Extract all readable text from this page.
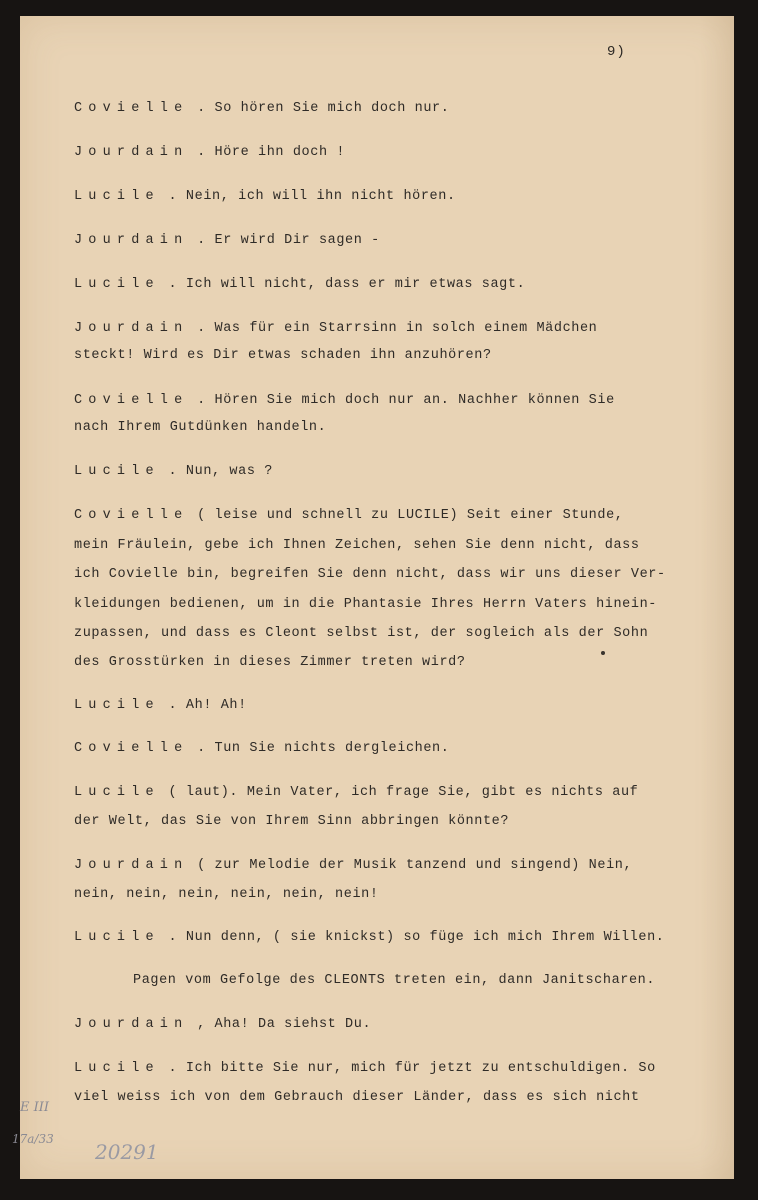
9)
Covielle . So hören Sie mich doch nur.
Jourdain . Höre ihn doch !
Lucile . Nein, ich will ihn nicht hören.
Jourdain . Er wird Dir sagen -
Lucile . Ich will nicht, dass er mir etwas sagt.
Jourdain . Was für ein Starrsinn in solch einem Mädchen
steckt! Wird es Dir etwas schaden ihn anzuhören?
Covielle . Hören Sie mich doch nur an. Nachher können Sie
nach Ihrem Gutdünken handeln.
Lucile . Nun, was ?
Covielle ( leise und schnell zu LUCILE) Seit einer Stunde,
mein Fräulein, gebe ich Ihnen Zeichen, sehen Sie denn nicht, dass
ich Covielle bin, begreifen Sie denn nicht, dass wir uns dieser Ver-
kleidungen bedienen, um in die Phantasie Ihres Herrn Vaters hinein-
zupassen, und dass es Cleont selbst ist, der sogleich als der Sohn
des Grosstürken in dieses Zimmer treten wird?
Lucile . Ah! Ah!
Covielle . Tun Sie nichts dergleichen.
Lucile ( laut). Mein Vater, ich frage Sie, gibt es nichts auf
der Welt, das Sie von Ihrem Sinn abbringen könnte?
Jourdain ( zur Melodie der Musik tanzend und singend) Nein,
nein, nein, nein, nein, nein, nein!
Lucile . Nun denn, ( sie knickst) so füge ich mich Ihrem Willen.
Pagen vom Gefolge des CLEONTS treten ein, dann Janitscharen.
Jourdain , Aha! Da siehst Du.
Lucile . Ich bitte Sie nur, mich für jetzt zu entschuldigen. So
viel weiss ich von dem Gebrauch dieser Länder, dass es sich nicht
E III
17a/33
20291
